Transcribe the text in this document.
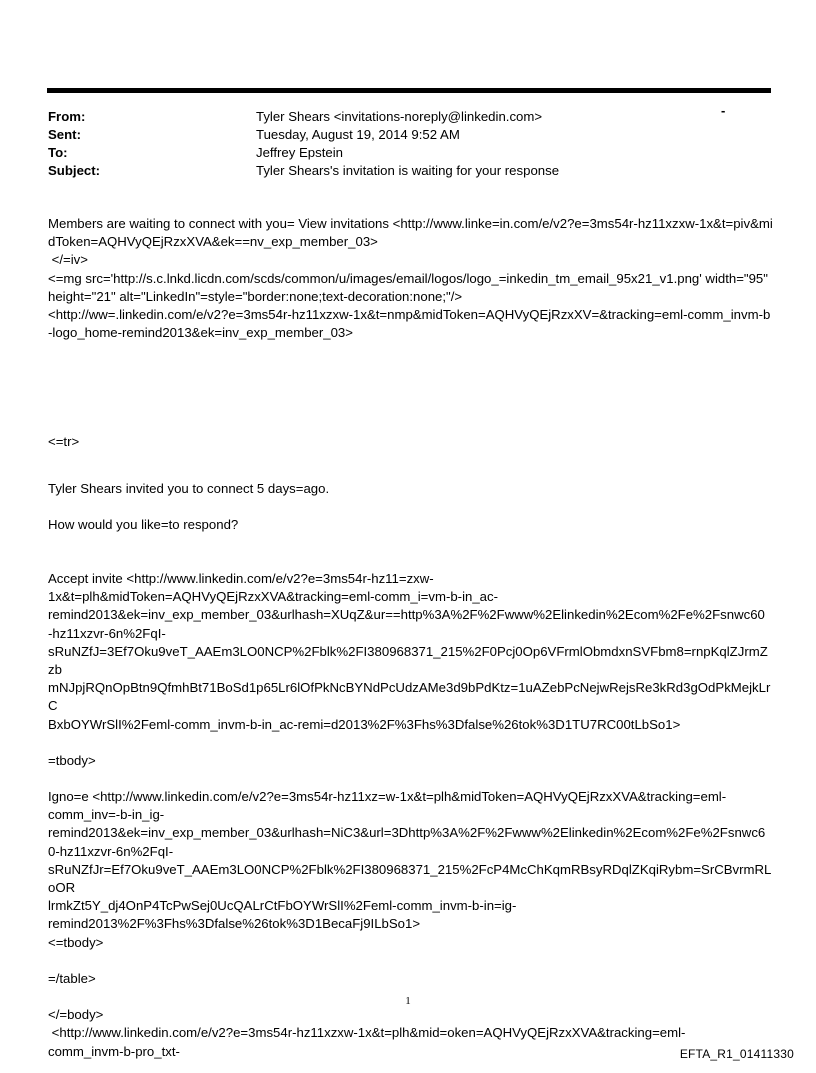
-
From:	Tyler Shears <invitations-noreply@linkedin.com>
Sent:	Tuesday, August 19, 2014 9:52 AM
To:	Jeffrey Epstein
Subject:	Tyler Shears's invitation is waiting for your response

Members are waiting to connect with you= View invitations <http://www.linke=in.com/e/v2?e=3ms54r-hz11xzxw-1x&t=piv&midToken=AQHVyQEjRzxXVA&ek==nv_exp_member_03>
</=iv>
<=mg src='http://s.c.lnkd.licdn.com/scds/common/u/images/email/logos/logo_=inkedin_tm_email_95x21_v1.png' width="95" height="21" alt="LinkedIn"=style="border:none;text-decoration:none;"/>
<http://ww=.linkedin.com/e/v2?e=3ms54r-hz11xzxw-1x&t=nmp&midToken=AQHVyQEjRzxXV=&tracking=eml-comm_invm-b-logo_home-remind2013&ek=inv_exp_member_03>

<=tr>

Tyler Shears invited you to connect 5 days=ago.

How would you like=to respond?

Accept invite <http://www.linkedin.com/e/v2?e=3ms54r-hz11=zxw-
1x&t=plh&midToken=AQHVyQEjRzxXVA&tracking=eml-comm_i=vm-b-in_ac-
remind2013&ek=inv_exp_member_03&urlhash=XUqZ&ur==http%3A%2F%2Fwww%2Elinkedin%2Ecom%2Fe%2Fsnwc60
-hz11xzvr-6n%2FqI-
sRuNZfJ=3Ef7Oku9veT_AAEm3LO0NCP%2Fblk%2FI380968371_215%2F0Pcj0Op6VFrmlObmdxnSVFbm8=rnpKqlZJrmZzb
mNJpjRQnOpBtn9QfmhBt71BoSd1p65Lr6lOfPkNcBYNdPcUdzAMe3d9bPdKtz=1uAZebPcNejwRejsRe3kRd3gOdPkMejkLrC
BxbOYWrSlI%2Feml-comm_invm-b-in_ac-remi=d2013%2F%3Fhs%3Dfalse%26tok%3D1TU7RC00tLbSo1>

=tbody>

Igno=e <http://www.linkedin.com/e/v2?e=3ms54r-hz11xz=w-1x&t=plh&midToken=AQHVyQEjRzxXVA&tracking=eml-
comm_inv=-b-in_ig-
remind2013&ek=inv_exp_member_03&urlhash=NiC3&url=3Dhttp%3A%2F%2Fwww%2Elinkedin%2Ecom%2Fe%2Fsnwc6
0-hz11xzvr-6n%2FqI-
sRuNZfJr=Ef7Oku9veT_AAEm3LO0NCP%2Fblk%2FI380968371_215%2FcP4McChKqmRBsyRDqlZKqiRybm=SrCBvrmRLoOR
lrmkZt5Y_dj4OnP4TcPwSej0UcQALrCtFbOYWrSlI%2Feml-comm_invm-b-in=ig-
remind2013%2F%3Fhs%3Dfalse%26tok%3D1BecaFj9ILbSo1>
<=tbody>

=/table>

</=body>
<http://www.linkedin.com/e/v2?e=3ms54r-hz11xzxw-1x&t=plh&mid=oken=AQHVyQEjRzxXVA&tracking=eml-
comm_invm-b-pro_txt-

1
EFTA_R1_01411330
